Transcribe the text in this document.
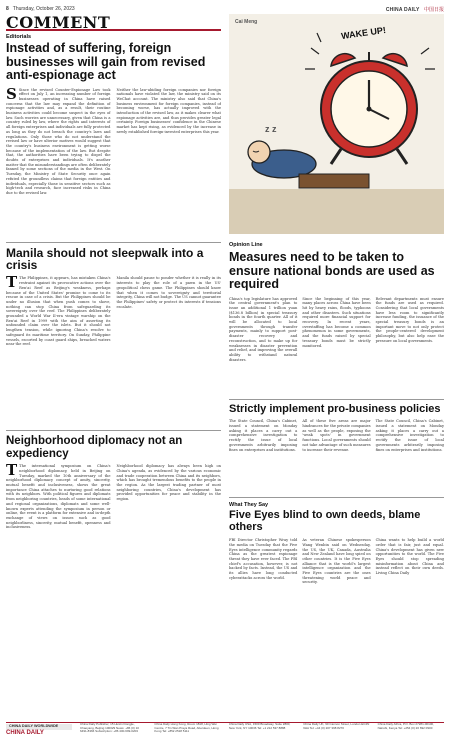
8 Thursday, October 26, 2023	CHINA DAILY 中国日报
COMMENT
Editorials
Instead of suffering, foreign businesses will gain from revised anti-espionage act
S Since the revised Counter-Espionage Law took effect on July 1, an increasing number of foreign businesses operating in China have raised concerns that the law may expand the definition of espionage activities and, as a result, their routine business activities could become suspect in the eyes of law. Such worries are unnecessary, given that China is a country ruled by law, where the rights and interests of all foreign enterprises and individuals are fully protected as long as they do not breach the country's laws and regulations. Only those who do not understand the revised law or have ulterior motives would suggest that the country's business environment is getting worse because of the implementation of the law. But despite that, the authorities have been trying to dispel the doubts of enterprises and individuals. It's another matter that the misunderstandings are often deliberately fanned by some sections of the media in the West. On Tuesday, the Ministry of State Security once again refuted the groundless claims that foreign entities and individuals, especially those in sensitive sectors such as high-tech and research, face increased risks in China due to the revised law.
Neither the law-abiding foreign companies nor foreign nationals have violated the law, the ministry said on its WeChat account. The ministry also said that China's business environment for foreign companies, instead of becoming worse, has actually improved with the introduction of the revised law, as it makes clearer what espionage activities are, and thus provides greater legal certainty. Foreign businesses' confidence in the Chinese market has kept rising, as evidenced by the increase in newly established foreign-invested enterprises this year.
Manila should not sleepwalk into a crisis
T The Philippines, it appears, has mistaken China's restraint against its provocative actions over the Ren'ai Reef as Beijing's weakness, perhaps because of the United States' promise to come to its rescue in case of a crisis. But the Philippines should be under no illusion that when push comes to shove, nothing can stop China from safeguarding its sovereignty over the reef. The Philippines deliberately grounded a World War II-era vintage warship on the Ren'ai Reef in 1999 with the aim of asserting its unfounded claim over the islets. But it should not lengthen tension, while ignoring China's resolve to safeguard its maritime territory. On Sunday, Philippine vessels, escorted by coast guard ships, breached waters near the reef.
Manila should pause to ponder whether it is really in its interests to play the role of a pawn in the US' geopolitical chess game. The Philippines should know that when it comes to sovereignty and territorial integrity, China will not budge. The US cannot guarantee the Philippines' safety or protect its interests if tensions escalate.
Neighborhood diplomacy not an expediency
T The international symposium on China's neighborhood diplomacy, held in Beijing on Tuesday, marked the 10th anniversary of the neighborhood diplomacy concept of amity, sincerity, mutual benefit and inclusiveness, shows the great importance China attaches to nurturing good relations with its neighbors. With political figures and diplomats from neighboring countries, heads of some international and regional organizations, diplomats and some well-known experts attending the symposium in person or online, the event is a platform for extensive and in-depth exchange of views on issues such as good neighborliness, sincerity, mutual benefit, openness and inclusiveness.
Neighborhood diplomacy has always been high on China's agenda, as evidenced by the various economic and trade cooperation between China and its neighbors, which has brought tremendous benefits to the people in the region. As the largest trading partner of most neighboring countries, China's development has provided opportunities for peace and stability in the region.
Cai Meng
z z
WAKE UP!
Opinion Line
Measures need to be taken to ensure national bonds are used as required
China's top legislature has approved the central government's plan to issue an additional 1 trillion yuan ($136.8 billion) in special treasury bonds in the fourth quarter. All of it will be allocated to local governments through transfer payments, mainly to support post-disaster recovery and reconstruction, and to make up for weaknesses in disaster prevention and relief, and improving the overall ability to withstand natural disasters.
Since the beginning of this year, many places across China have been hit by heavy rains, floods, typhoons and other disasters. Such situations required more financial support for recovery. In recent years, overstaffing has become a common phenomenon in some governments, and the funds raised by special treasury bonds must be strictly monitored.
Relevant departments must ensure the funds are used as required. Considering that local governments have less room to significantly increase funding, the issuance of the special treasury bonds is an important move to not only protect the people-centered development philosophy, but also help ease the pressure on local governments.
Strictly implement pro-business policies
The State Council, China's Cabinet, issued a statement on Monday asking it places a carry out a comprehensive investigation to rectify the issue of local governments arbitrarily imposing fines on enterprises and institutions.
All of these five areas are major hindrances for the private companies as well as the people, exposing the 'weak spots' in government functions. Local governments should not take advantage of such measures to increase their revenue.
The State Council, China's Cabinet, issued a statement on Monday asking it places a carry out a comprehensive investigation to rectify the issue of local governments arbitrarily imposing fines on enterprises and institutions.
What They Say
Five Eyes blind to own deeds, blame others
FBI Director Christopher Wray told the media on Tuesday that the Five Eyes intelligence community regards China as the greatest espionage threat they have ever faced. The FBI chief's accusation, however, is not backed by facts. Instead, the US and its allies have long conducted cyberattacks across the world.
As veteran Chinese spokesperson Wang Wenbin said on Wednesday, the US, the UK, Canada, Australia and New Zealand have long spied on other countries. It is the Five Eyes alliance that is the world's largest intelligence organization and the Five Eyes countries are the ones threatening world peace and security.
China wants to help build a world order that is fair, just and equal. China's development has given new opportunities to the world. The Five Eyes should stop spreading misinformation about China and instead reflect on their own deeds. Living China Daily
CHINA DAILY WORLDWIDE
CHINA DAILY
China Daily Publisher, 15 Huixin Dongjie, Chaoyang, Beijing 100029 News: +86 (0) 10 6491-8366 Subscription: +86 400-699-0203
China Daily Hong Kong, Room 1818, Hing Wai Centre, 7 Tin Wan Praya Road, Aberdeen, Hong Kong Tel: +852 2518 5111
China Daily USA, 1500 Broadway, Suite 2800, New York, NY 10036 Tel: +1 212 537 8888
China Daily UK, 90 Cannon Street, London EC4N 6HA Tel: +44 (0) 207 398 8270
China Daily Africa, P.O. Box 27281-00100, Nairobi, Kenya Tel: +254 (0) 20 692 0900
